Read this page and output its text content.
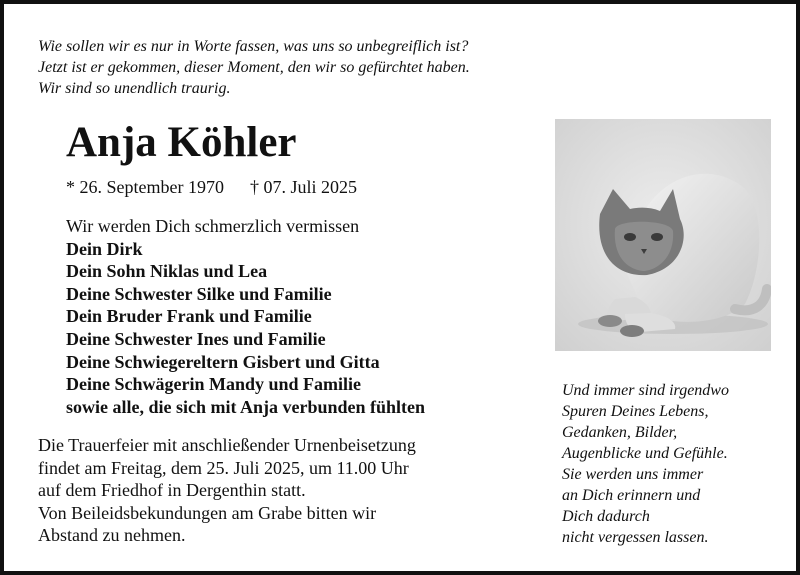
Wie sollen wir es nur in Worte fassen, was uns so unbegreiflich ist?
Jetzt ist er gekommen, dieser Moment, den wir so gefürchtet haben.
Wir sind so unendlich traurig.
Anja Köhler
* 26. September 1970 † 07. Juli 2025
Wir werden Dich schmerzlich vermissen
Dein Dirk
Dein Sohn Niklas und Lea
Deine Schwester Silke und Familie
Dein Bruder Frank und Familie
Deine Schwester Ines und Familie
Deine Schwiegereltern Gisbert und Gitta
Deine Schwägerin Mandy und Familie
sowie alle, die sich mit Anja verbunden fühlten
Die Trauerfeier mit anschließender Urnenbeisetzung
findet am Freitag, dem 25. Juli 2025, um 11.00 Uhr
auf dem Friedhof in Dergenthin statt.
Von Beileidsbekundungen am Grabe bitten wir
Abstand zu nehmen.
Und immer sind irgendwo
Spuren Deines Lebens,
Gedanken, Bilder,
Augenblicke und Gefühle.
Sie werden uns immer
an Dich erinnern und
Dich dadurch
nicht vergessen lassen.
